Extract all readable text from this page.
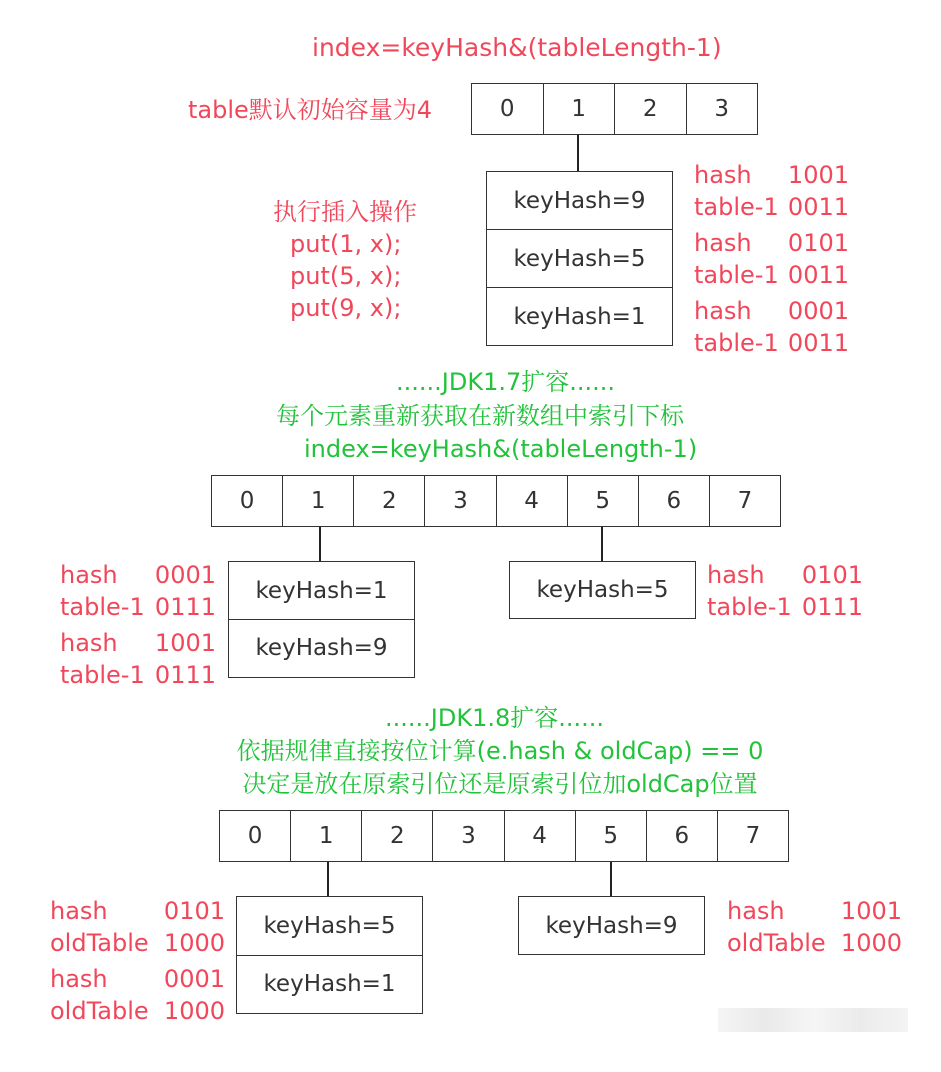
index=keyHash&(tableLength-1)
table默认初始容量为4	0	1	2	3
执行插入操作
put(1, x);
put(5, x);
put(9, x);
keyHash=9
keyHash=5
keyHash=1
hash 1001
table-1 0011
hash 0101
table-1 0011
hash 0001
table-1 0011
......JDK1.7扩容......
每个元素重新获取在新数组中索引下标
index=keyHash&(tableLength-1)
0	1	2	3	4	5	6	7
keyHash=1
keyHash=9
keyHash=5
hash 0001
table-1 0111
hash 1001
table-1 0111
hash 0101
table-1 0111
......JDK1.8扩容......
依据规律直接按位计算(e.hash & oldCap) == 0
决定是放在原索引位还是原索引位加oldCap位置
0	1	2	3	4	5	6	7
keyHash=5
keyHash=1
keyHash=9
hash 0101
oldTable 1000
hash 0001
oldTable 1000
hash 1001
oldTable 1000
